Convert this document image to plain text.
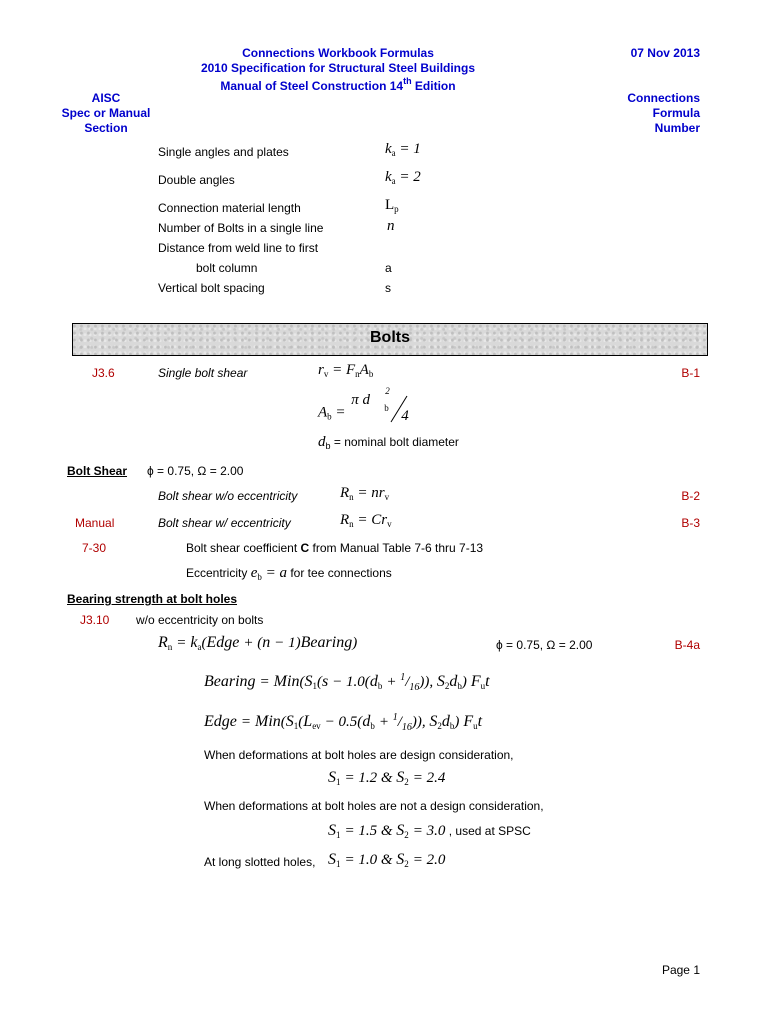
Connections Workbook Formulas
2010 Specification for Structural Steel Buildings
Manual of Steel Construction 14th Edition
07 Nov 2013
AISC
Spec or Manual
Section
Connections
Formula
Number
Single angles and plates	$k_a = 1$
Double angles	$k_a = 2$
Connection material length	$L_p$
Number of Bolts in a single line	n
Distance from weld line to first
bolt column	a
Vertical bolt spacing	s
Bolts
J3.6	Single bolt shear	$r_v = F_nA_b$	B-1
$A_b$ =
π d
2
b 4
$d_b$ = nominal bolt diameter
Bolt Shear ϕ = 0.75, Ω = 2.00
Bolt shear w/o eccentricity	$R_n = nr_v$	B-2
Manual	Bolt shear w/ eccentricity	$R_n = Cr_v$	B-3
7-30	Bolt shear coefficient C from Manual Table 7-6 thru 7-13
Eccentricity $e_b = a$ for tee connections
Bearing strength at bolt holes
J3.10 w/o eccentricity on bolts
$R_n$ = $k_a(Edge + (n$ − 1)Bearing)	ϕ = 0.75, Ω = 2.00	B-4a
Bearing = $Min(S_1(s - 1.0(d_b + ^1/_{16}))$, $S_2d_b$) $F_ut$
Edge = $Min(S_1(L_{ev} - 0.5(d_b + ^1/_{16}))$, $S_2d_b$) $F_ut$
When deformations at bolt holes are design consideration,
$S_1 = 1.2$ & $S_2 = 2.4$
When deformations at bolt holes are not a design consideration,
$S_1 = 1.5$ & $S_2 = 3.0$ , used at SPSC
At long slotted holes, $S_1 = 1.0$ & $S_2 = 2.0$
Page 1
